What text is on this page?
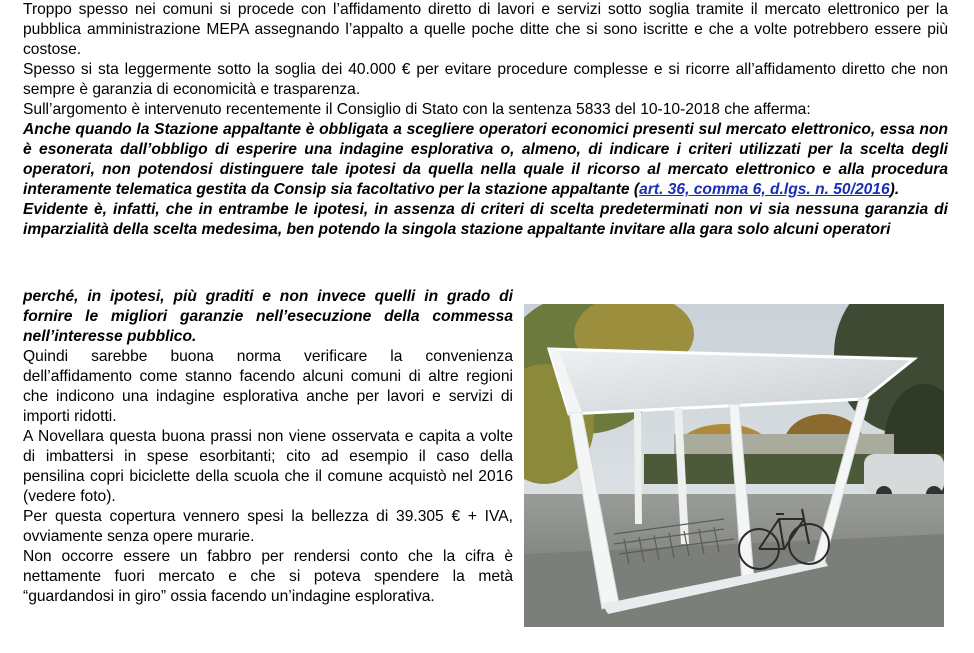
Troppo spesso nei comuni si procede con l’affidamento diretto di lavori e servizi sotto soglia tramite il mercato elettronico per la pubblica amministrazione MEPA assegnando l’appalto a quelle poche ditte che si sono iscritte e che a volte potrebbero essere più costose.

Spesso si sta leggermente sotto la soglia dei 40.000 € per evitare procedure complesse e si ricorre all’affidamento diretto che non sempre è garanzia di economicità e trasparenza.

Sull’argomento è intervenuto recentemente il Consiglio di Stato con la sentenza 5833 del 10-10-2018 che afferma:

Anche quando la Stazione appaltante è obbligata a scegliere operatori economici presenti sul mercato elettronico, essa non è esonerata dall’obbligo di esperire una indagine esplorativa o, almeno, di indicare i criteri utilizzati per la scelta degli operatori, non potendosi distinguere tale ipotesi da quella nella quale il ricorso al mercato elettronico e alla procedura interamente telematica gestita da Consip sia facoltativo per la stazione appaltante (art. 36, comma 6, d.lgs. n. 50/2016).

Evidente è, infatti, che in entrambe le ipotesi, in assenza di criteri di scelta predeterminati non vi sia nessuna garanzia di imparzialità della scelta medesima, ben potendo la singola stazione appaltante invitare alla gara solo alcuni operatori

perché, in ipotesi, più graditi e non invece quelli in grado di fornire le migliori garanzie nell’esecuzione della commessa nell’interesse pubblico.

Quindi sarebbe buona norma verificare la convenienza dell’affidamento come stanno facendo alcuni comuni di altre regioni che indicono una indagine esplorativa anche per lavori e servizi di importi ridotti.

A Novellara questa buona prassi non viene osservata e capita a volte di imbattersi in spese esorbitanti; cito ad esempio il caso della pensilina copri biciclette della scuola che il comune acquistò nel 2016 (vedere foto).

Per questa copertura vennero spesi la bellezza di 39.305 € + IVA, ovviamente senza opere murarie.

Non occorre essere un fabbro per rendersi conto che la cifra è nettamente fuori mercato e che si poteva spendere la metà “guardandosi in giro” ossia facendo un’indagine esplorativa.
